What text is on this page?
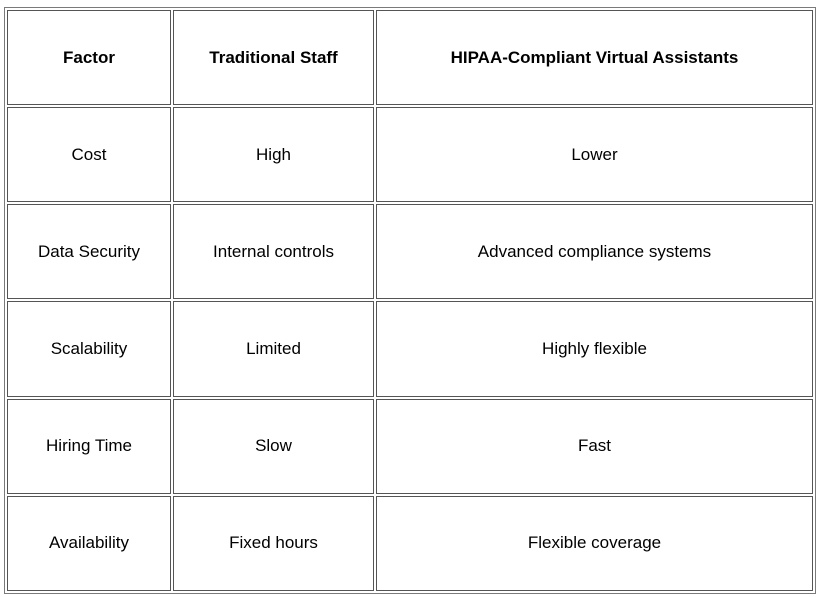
Factor	Traditional Staff	HIPAA-Compliant Virtual Assistants
Cost	High	Lower
Data Security	Internal controls	Advanced compliance systems
Scalability	Limited	Highly flexible
Hiring Time	Slow	Fast
Availability	Fixed hours	Flexible coverage
